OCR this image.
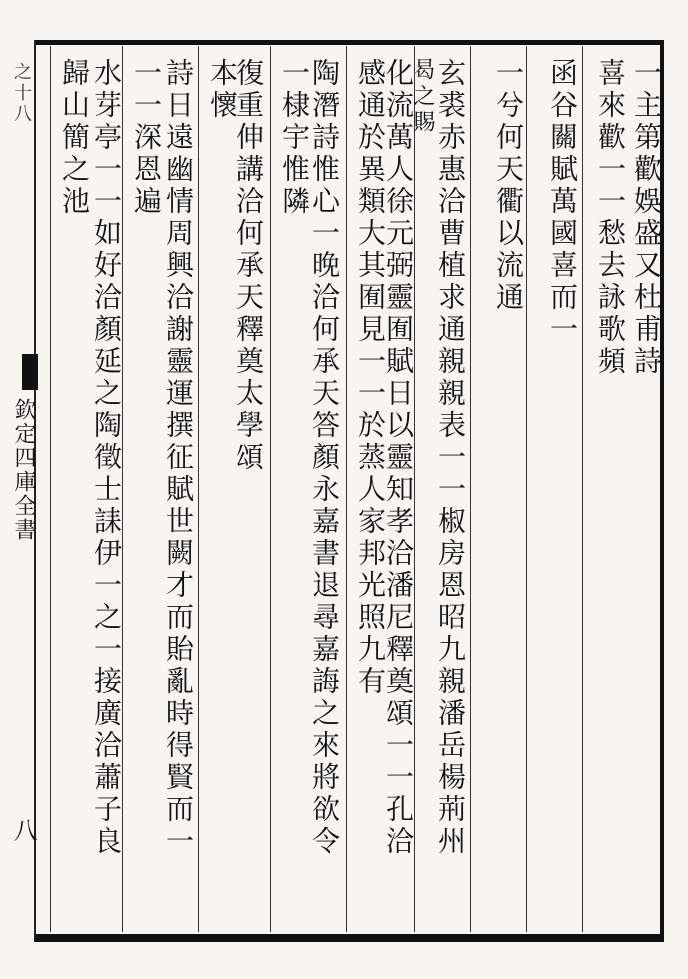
之十八
欽定四庫全書
八
一主第歡娛盛又杜甫詩
喜來歡一一愁去詠歌頻
函谷關賦萬國喜而一
一兮何天衢以流通
玄裘赤惠洽曹植求通親親表一一椒房恩昭九親潘岳楊荊州
化流萬人徐元弼靈囿賦日以靈知孝洽潘尼釋奠頌一一孔洽
感通於異類大其囿見一一於蒸人家邦光照九有
陶潛詩惟心一晚洽何承天答顏永嘉書退尋嘉誨之來將欲令
一棣宇惟隣
復重伸講洽何承天釋奠太學頌
本懷
詩日遠幽情周興洽謝靈運撰征賦世闕才而貽亂時得賢而一
一一深恩遍
水芽亭一一如好洽顏延之陶徵士誄伊一之一接廣洽蕭子良
歸山簡之池	曷之賜
